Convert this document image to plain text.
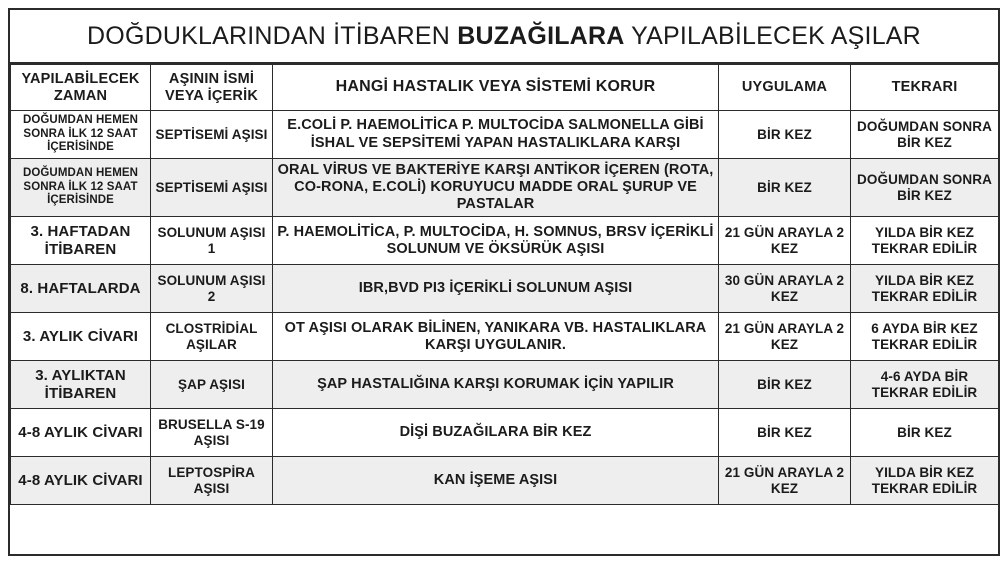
DOĞDUKLARINDAN İTİBAREN BUZAĞILARA YAPILABİLECEK AŞILAR
YAPILABİLECEK ZAMAN	AŞININ İSMİ VEYA İÇERİK	HANGİ HASTALIK VEYA SİSTEMİ KORUR	UYGULAMA	TEKRARI
DOĞUMDAN HEMEN SONRA İLK 12 SAAT İÇERİSİNDE	SEPTİSEMİ AŞISI	E.COLİ P. HAEMOLİTİCA P. MULTOCİDA SALMONELLA GİBİ İSHAL VE SEPSİTEMİ YAPAN HASTALIKLARA KARŞI	BİR KEZ	DOĞUMDAN SONRA BİR KEZ
DOĞUMDAN HEMEN SONRA İLK 12 SAAT İÇERİSİNDE	SEPTİSEMİ AŞISI	ORAL VİRUS VE BAKTERİYE KARŞI ANTİKOR İÇEREN (ROTA, CO-RONA, E.COLİ) KORUYUCU MADDE ORAL ŞURUP VE PASTALAR	BİR KEZ	DOĞUMDAN SONRA BİR KEZ
3. HAFTADAN İTİBAREN	SOLUNUM AŞISI 1	P. HAEMOLİTİCA, P. MULTOCİDA, H. SOMNUS, BRSV İÇERİKLİ SOLUNUM VE ÖKSÜRÜK AŞISI	21 GÜN ARAYLA 2 KEZ	YILDA BİR KEZ TEKRAR EDİLİR
8. HAFTALARDA	SOLUNUM AŞISI 2	IBR,BVD PI3 İÇERİKLİ SOLUNUM AŞISI	30 GÜN ARAYLA 2 KEZ	YILDA BİR KEZ TEKRAR EDİLİR
3. AYLIK CİVARI	CLOSTRİDİAL AŞILAR	OT AŞISI OLARAK BİLİNEN, YANIKARA VB. HASTALIKLARA KARŞI UYGULANIR.	21 GÜN ARAYLA 2 KEZ	6 AYDA BİR KEZ TEKRAR EDİLİR
3. AYLIKTAN İTİBAREN	ŞAP AŞISI	ŞAP HASTALIĞINA KARŞI KORUMAK İÇİN YAPILIR	BİR KEZ	4-6 AYDA BİR TEKRAR EDİLİR
4-8 AYLIK CİVARI	BRUSELLA S-19 AŞISI	DİŞİ BUZAĞILARA BİR KEZ	BİR KEZ	BİR KEZ
4-8 AYLIK CİVARI	LEPTOSPİRA AŞISI	KAN İŞEME AŞISI	21 GÜN ARAYLA 2 KEZ	YILDA BİR KEZ TEKRAR EDİLİR
